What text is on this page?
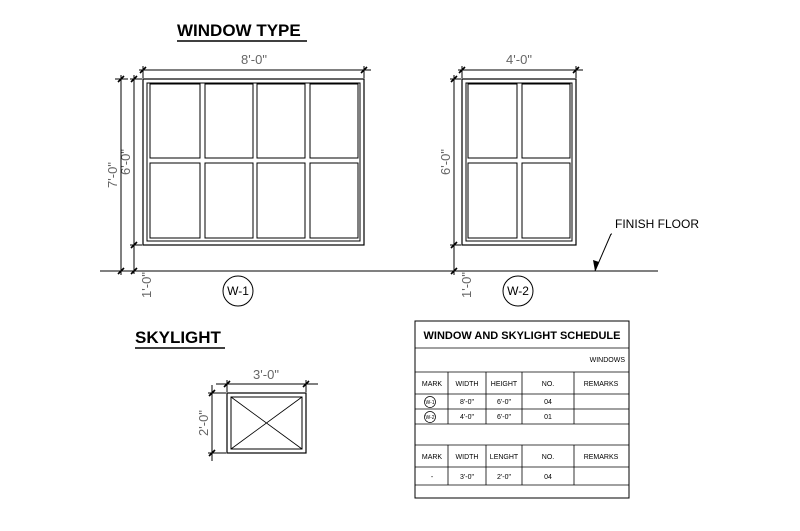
WINDOW TYPE
FINISH FLOOR
8'-0"
6'-0"
7'-0"
1'-0"	W-1
4'-0"
6'-0"
1'-0"	W-2
SKYLIGHT
3'-0"
2'-0"
WINDOW AND SKYLIGHT SCHEDULE
WINDOWS
MARK WIDTH HEIGHT	NO.	REMARKS
W-1	8'-0"	6'-0"	04
W-2	4'-0"	6'-0"	01
MARK WIDTH LENGHT	NO.	REMARKS
-	3'-0"	2'-0"	04
